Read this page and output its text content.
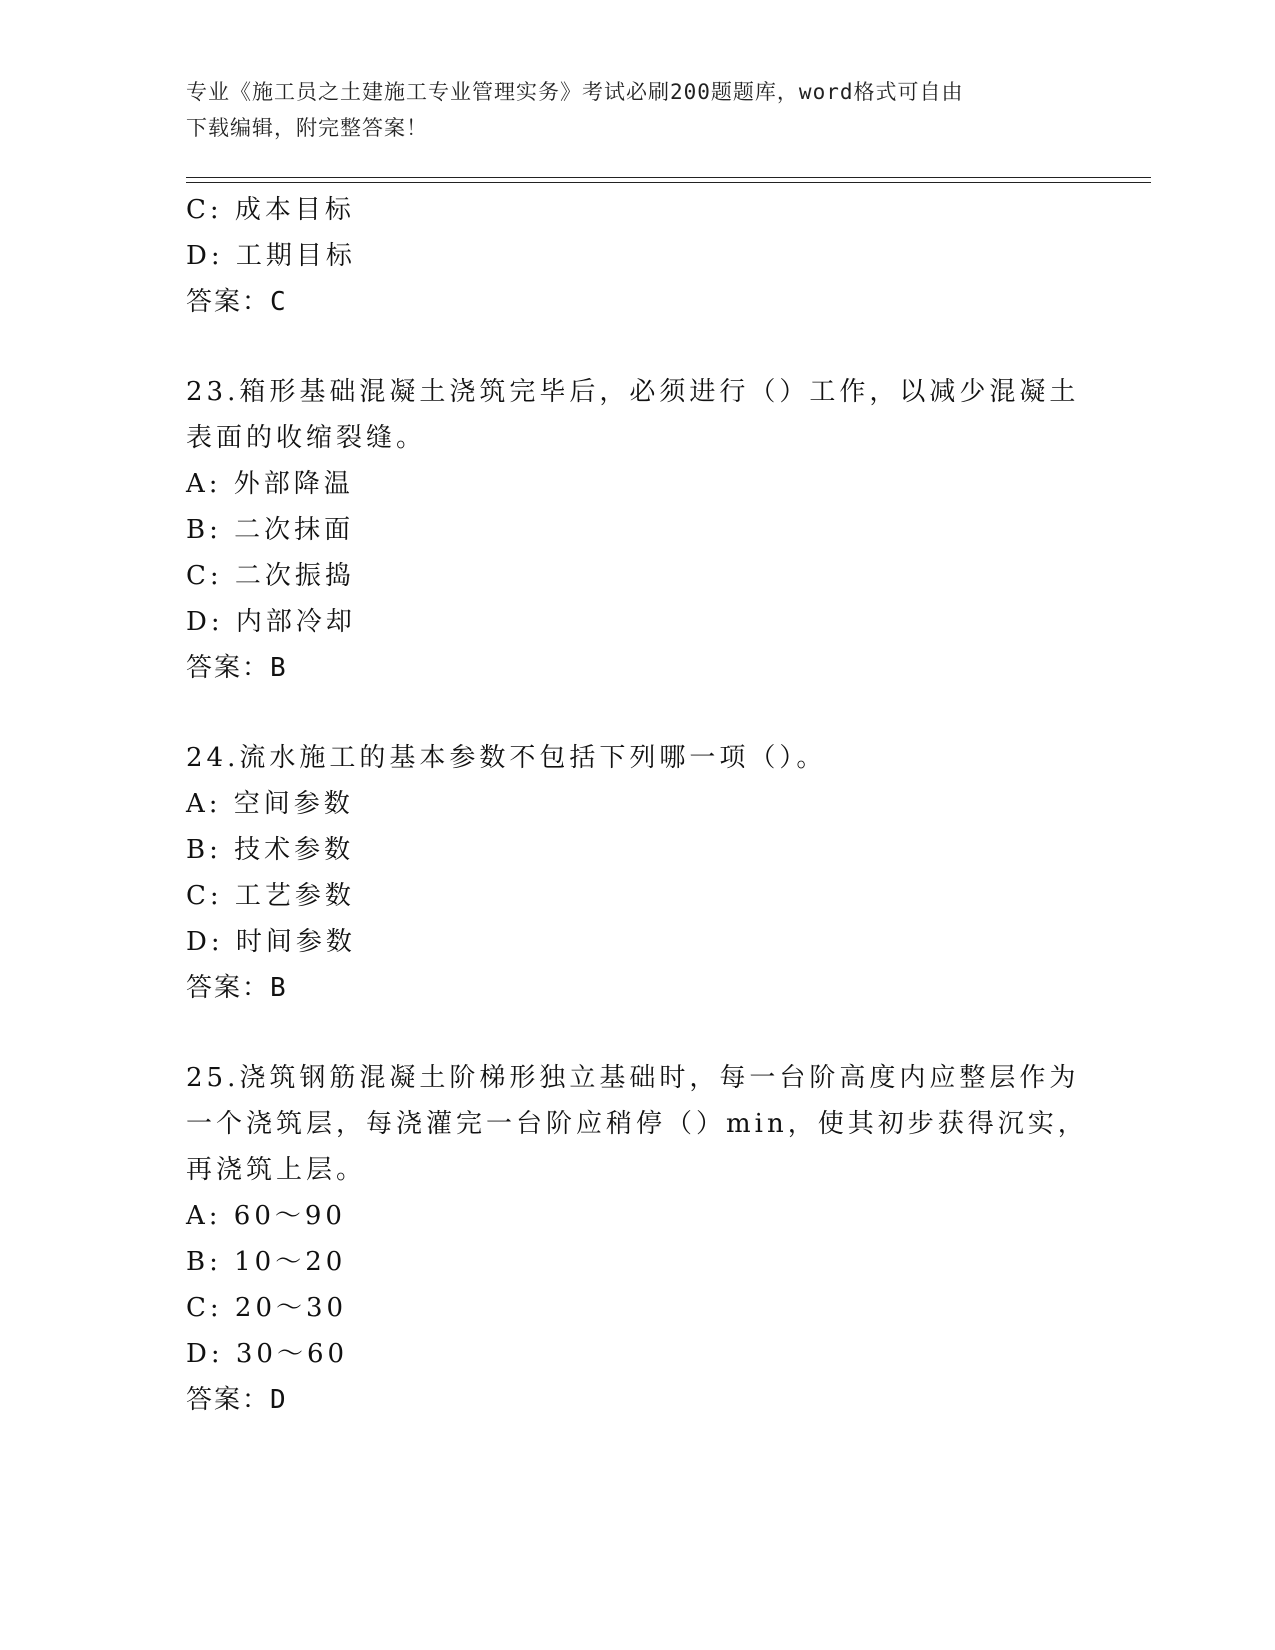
专业《施工员之土建施工专业管理实务》考试必刷200题题库，word格式可自由
下载编辑，附完整答案！
C: 成本目标
D: 工期目标
答案：C
23.箱形基础混凝土浇筑完毕后，必须进行（）工作，以减少混凝土表面的收缩裂缝。
A: 外部降温
B: 二次抹面
C: 二次振捣
D: 内部冷却
答案：B
24.流水施工的基本参数不包括下列哪一项（）。
A: 空间参数
B: 技术参数
C: 工艺参数
D: 时间参数
答案：B
25.浇筑钢筋混凝土阶梯形独立基础时，每一台阶高度内应整层作为一个浇筑层，每浇灌完一台阶应稍停（）min，使其初步获得沉实，再浇筑上层。
A: 60～90
B: 10～20
C: 20～30
D: 30～60
答案：D
